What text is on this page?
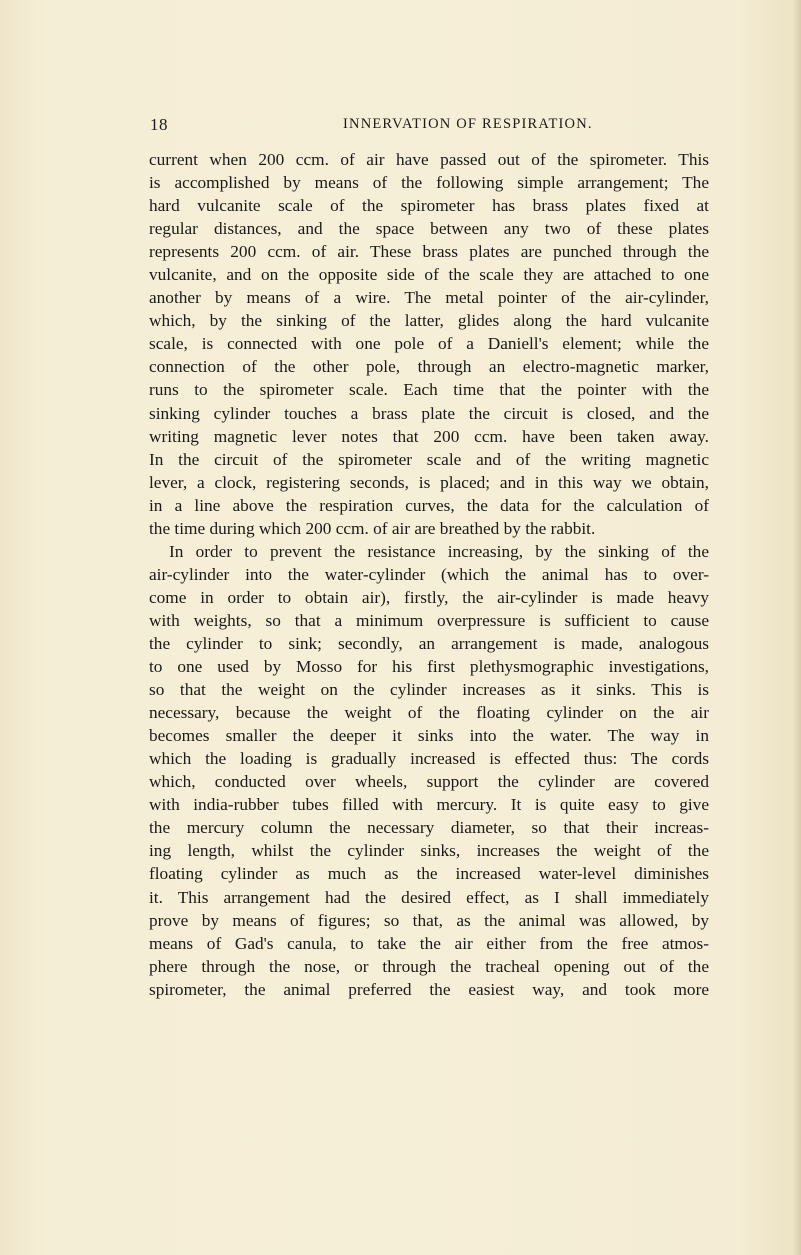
18	INNERVATION OF RESPIRATION.
current when 200 ccm. of air have passed out of the spirometer. This
is accomplished by means of the following simple arrangement; The
hard vulcanite scale of the spirometer has brass plates fixed at
regular distances, and the space between any two of these plates
represents 200 ccm. of air. These brass plates are punched through the
vulcanite, and on the opposite side of the scale they are attached to one
another by means of a wire. The metal pointer of the air-cylinder,
which, by the sinking of the latter, glides along the hard vulcanite
scale, is connected with one pole of a Daniell's element; while the
connection of the other pole, through an electro-magnetic marker,
runs to the spirometer scale. Each time that the pointer with the
sinking cylinder touches a brass plate the circuit is closed, and the
writing magnetic lever notes that 200 ccm. have been taken away.
In the circuit of the spirometer scale and of the writing magnetic
lever, a clock, registering seconds, is placed; and in this way we obtain,
in a line above the respiration curves, the data for the calculation of
the time during which 200 ccm. of air are breathed by the rabbit.
In order to prevent the resistance increasing, by the sinking of the
air-cylinder into the water-cylinder (which the animal has to over-
come in order to obtain air), firstly, the air-cylinder is made heavy
with weights, so that a minimum overpressure is sufficient to cause
the cylinder to sink; secondly, an arrangement is made, analogous
to one used by Mosso for his first plethysmographic investigations,
so that the weight on the cylinder increases as it sinks. This is
necessary, because the weight of the floating cylinder on the air
becomes smaller the deeper it sinks into the water. The way in
which the loading is gradually increased is effected thus: The cords
which, conducted over wheels, support the cylinder are covered
with india-rubber tubes filled with mercury. It is quite easy to give
the mercury column the necessary diameter, so that their increas-
ing length, whilst the cylinder sinks, increases the weight of the
floating cylinder as much as the increased water-level diminishes
it. This arrangement had the desired effect, as I shall immediately
prove by means of figures; so that, as the animal was allowed, by
means of Gad's canula, to take the air either from the free atmos-
phere through the nose, or through the tracheal opening out of the
spirometer, the animal preferred the easiest way, and took more
